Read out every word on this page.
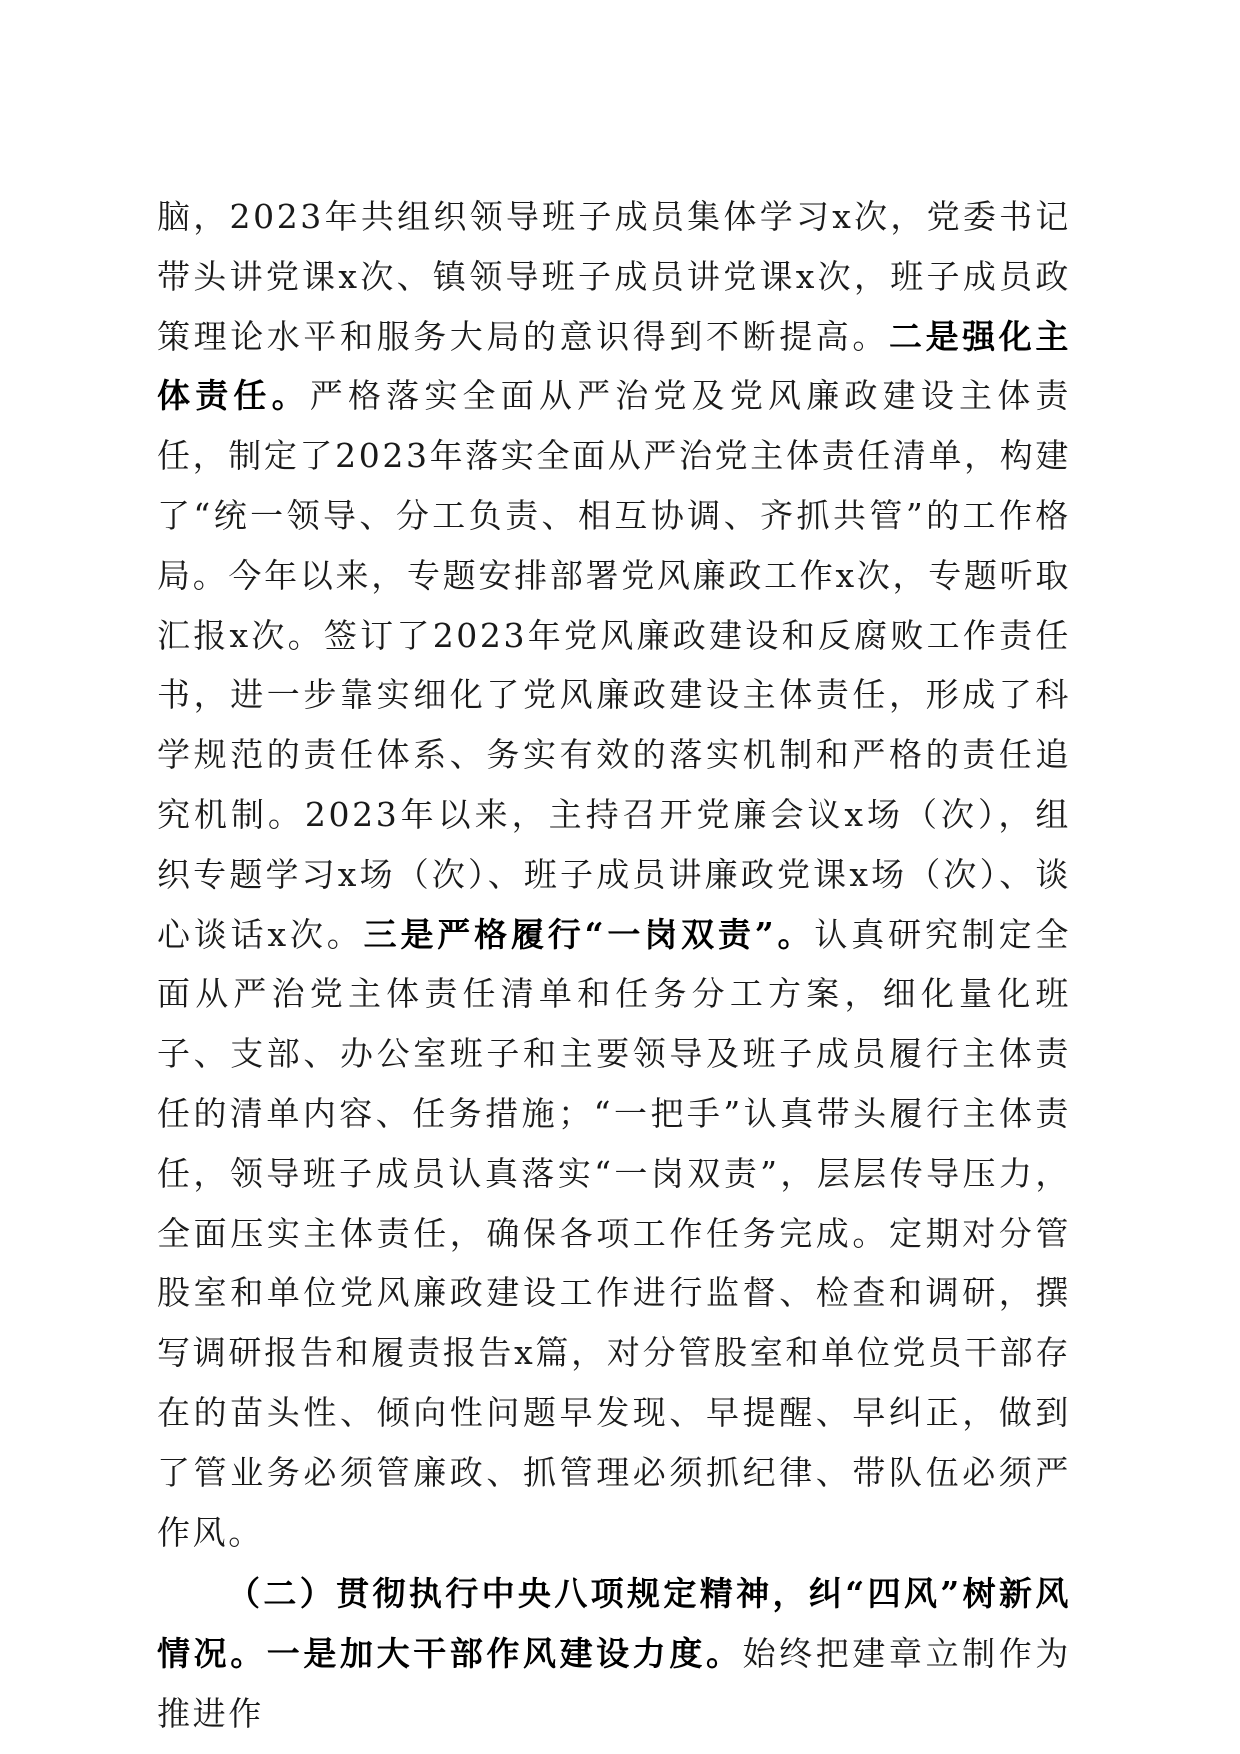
脑，2023年共组织领导班子成员集体学习x次，党委书记带头讲党课x次、镇领导班子成员讲党课x次，班子成员政策理论水平和服务大局的意识得到不断提高。二是强化主体责任。严格落实全面从严治党及党风廉政建设主体责任，制定了2023年落实全面从严治党主体责任清单，构建了“统一领导、分工负责、相互协调、齐抓共管”的工作格局。今年以来，专题安排部署党风廉政工作x次，专题听取汇报x次。签订了2023年党风廉政建设和反腐败工作责任书，进一步靠实细化了党风廉政建设主体责任，形成了科学规范的责任体系、务实有效的落实机制和严格的责任追究机制。2023年以来，主持召开党廉会议x场（次），组织专题学习x场（次）、班子成员讲廉政党课x场（次）、谈心谈话x次。三是严格履行“一岗双责”。认真研究制定全面从严治党主体责任清单和任务分工方案，细化量化班子、支部、办公室班子和主要领导及班子成员履行主体责任的清单内容、任务措施；“一把手”认真带头履行主体责任，领导班子成员认真落实“一岗双责”，层层传导压力，全面压实主体责任，确保各项工作任务完成。定期对分管股室和单位党风廉政建设工作进行监督、检查和调研，撰写调研报告和履责报告x篇，对分管股室和单位党员干部存在的苗头性、倾向性问题早发现、早提醒、早纠正，做到了管业务必须管廉政、抓管理必须抓纪律、带队伍必须严作风。

（二）贯彻执行中央八项规定精神，纠“四风”树新风情况。一是加大干部作风建设力度。始终把建章立制作为推进作
